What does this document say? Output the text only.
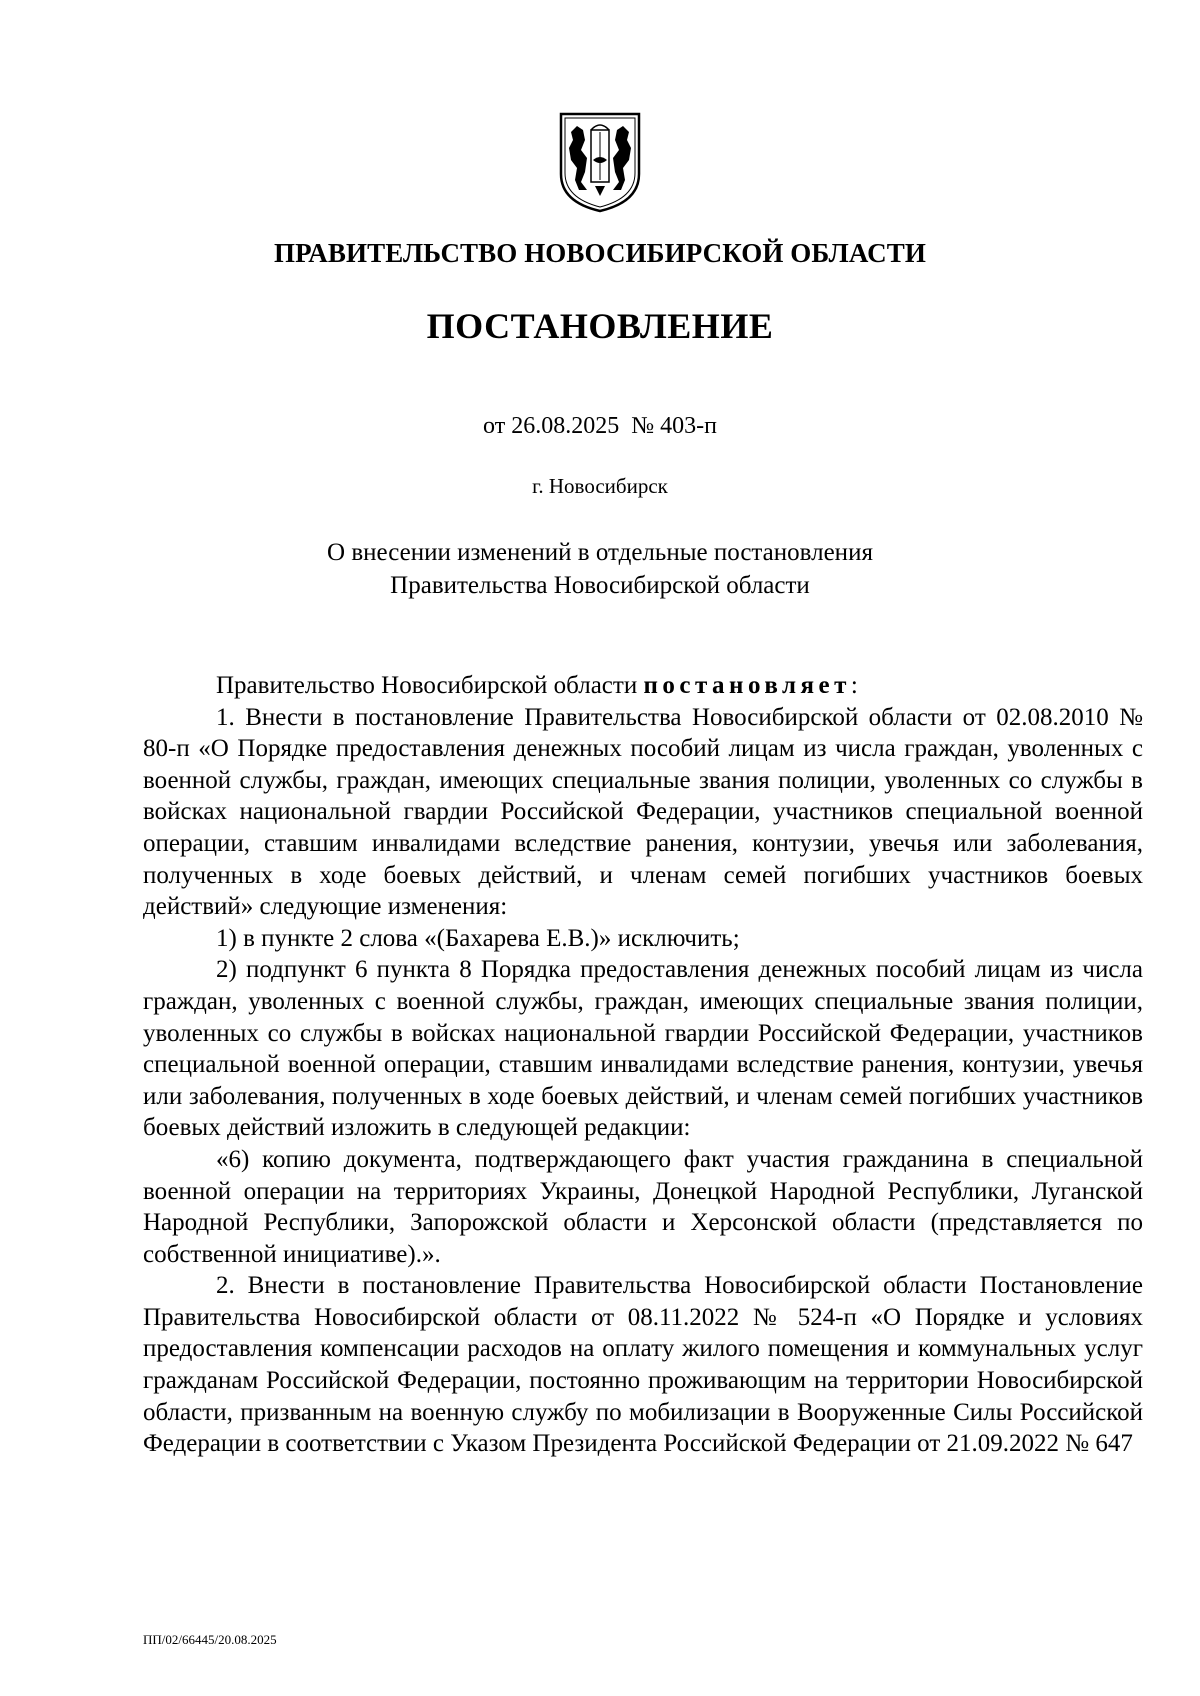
ПРАВИТЕЛЬСТВО НОВОСИБИРСКОЙ ОБЛАСТИ
ПОСТАНОВЛЕНИЕ
от 26.08.2025  № 403-п
г. Новосибирск
О внесении изменений в отдельные постановления
Правительства Новосибирской области

Правительство Новосибирской области постановляет:

1. Внести в постановление Правительства Новосибирской области от 02.08.2010 № 80-п «О Порядке предоставления денежных пособий лицам из числа граждан, уволенных с военной службы, граждан, имеющих специальные звания полиции, уволенных со службы в войсках национальной гвардии Российской Федерации, участников специальной военной операции, ставшим инвалидами вследствие ранения, контузии, увечья или заболевания, полученных в ходе боевых действий, и членам семей погибших участников боевых действий» следующие изменения:

1) в пункте 2 слова «(Бахарева Е.В.)» исключить;

2) подпункт 6 пункта 8 Порядка предоставления денежных пособий лицам из числа граждан, уволенных с военной службы, граждан, имеющих специальные звания полиции, уволенных со службы в войсках национальной гвардии Российской Федерации, участников специальной военной операции, ставшим инвалидами вследствие ранения, контузии, увечья или заболевания, полученных в ходе боевых действий, и членам семей погибших участников боевых действий изложить в следующей редакции:

«6) копию документа, подтверждающего факт участия гражданина в специальной военной операции на территориях Украины, Донецкой Народной Республики, Луганской Народной Республики, Запорожской области и Херсонской области (представляется по собственной инициативе).».

2. Внести в постановление Правительства Новосибирской области Постановление Правительства Новосибирской области от 08.11.2022 № 524-п «О Порядке и условиях предоставления компенсации расходов на оплату жилого помещения и коммунальных услуг гражданам Российской Федерации, постоянно проживающим на территории Новосибирской области, призванным на военную службу по мобилизации в Вооруженные Силы Российской Федерации в соответствии с Указом Президента Российской Федерации от 21.09.2022 № 647

ПП/02/66445/20.08.2025
